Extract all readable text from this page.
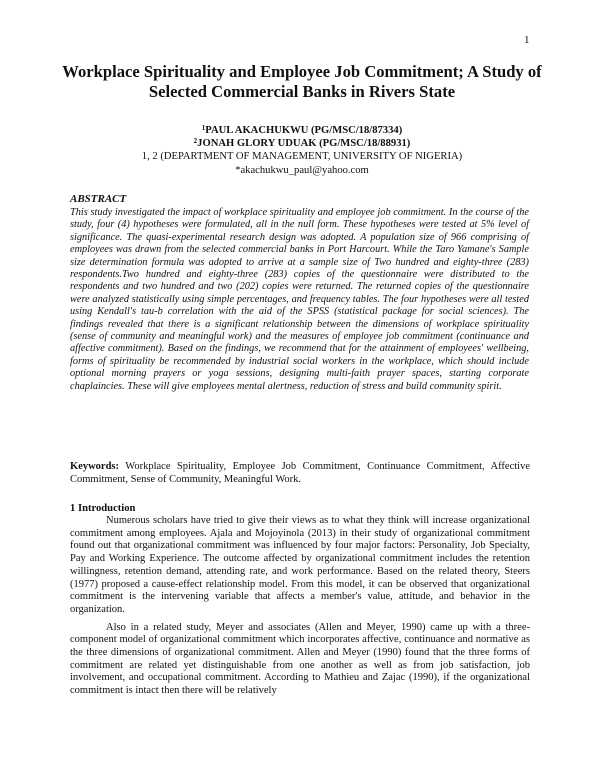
1
Workplace Spirituality and Employee Job Commitment; A Study of Selected Commercial Banks in Rivers State
$^1$PAUL AKACHUKWU (PG/MSC/18/87334)
$^2$JONAH GLORY UDUAK (PG/MSC/18/88931)
1, 2 (DEPARTMENT OF MANAGEMENT, UNIVERSITY OF NIGERIA)
*akachukwu_paul@yahoo.com
ABSTRACT
This study investigated the impact of workplace spirituality and employee job commitment. In the course of the study, four (4) hypotheses were formulated, all in the null form. These hypotheses were tested at 5% level of significance. The quasi-experimental research design was adopted. A population size of 966 comprising of employees was drawn from the selected commercial banks in Port Harcourt. While the Taro Yamane's Sample size determination formula was adopted to arrive at a sample size of Two hundred and eighty-three (283) respondents.Two hundred and eighty-three (283) copies of the questionnaire were distributed to the respondents and two hundred and two (202) copies were returned. The returned copies of the questionnaire were analyzed statistically using simple percentages, and frequency tables. The four hypotheses were all tested using Kendall's tau-b correlation with the aid of the SPSS (statistical package for social sciences). The findings revealed that there is a significant relationship between the dimensions of workplace spirituality (sense of community and meaningful work) and the measures of employee job commitment (continuance and affective commitment). Based on the findings, we recommend that for the attainment of employees' wellbeing, forms of spirituality be recommended by industrial social workers in the workplace, which should include optional morning prayers or yoga sessions, designing multi-faith prayer spaces, starting corporate chaplaincies. These will give employees mental alertness, reduction of stress and build community spirit.
Keywords: Workplace Spirituality, Employee Job Commitment, Continuance Commitment, Affective Commitment, Sense of Community, Meaningful Work.
1 Introduction

Numerous scholars have tried to give their views as to what they think will increase organizational commitment among employees. Ajala and Mojoyinola (2013) in their study of organizational commitment found out that organizational commitment was influenced by four major factors: Personality, Job Specialty, Pay and Working Experience. The outcome affected by organizational commitment includes the retention willingness, retention demand, attending rate, and work performance. Based on the related theory, Steers (1977) proposed a cause-effect relationship model. From this model, it can be observed that organizational commitment is the intervening variable that affects a member's value, attitude, and behavior in the organization.

Also in a related study, Meyer and associates (Allen and Meyer, 1990) came up with a three-component model of organizational commitment which incorporates affective, continuance and normative as the three dimensions of organizational commitment. Allen and Meyer (1990) found that the three forms of commitment are related yet distinguishable from one another as well as from job satisfaction, job involvement, and occupational commitment. According to Mathieu and Zajac (1990), if the organizational commitment is intact then there will be relatively
